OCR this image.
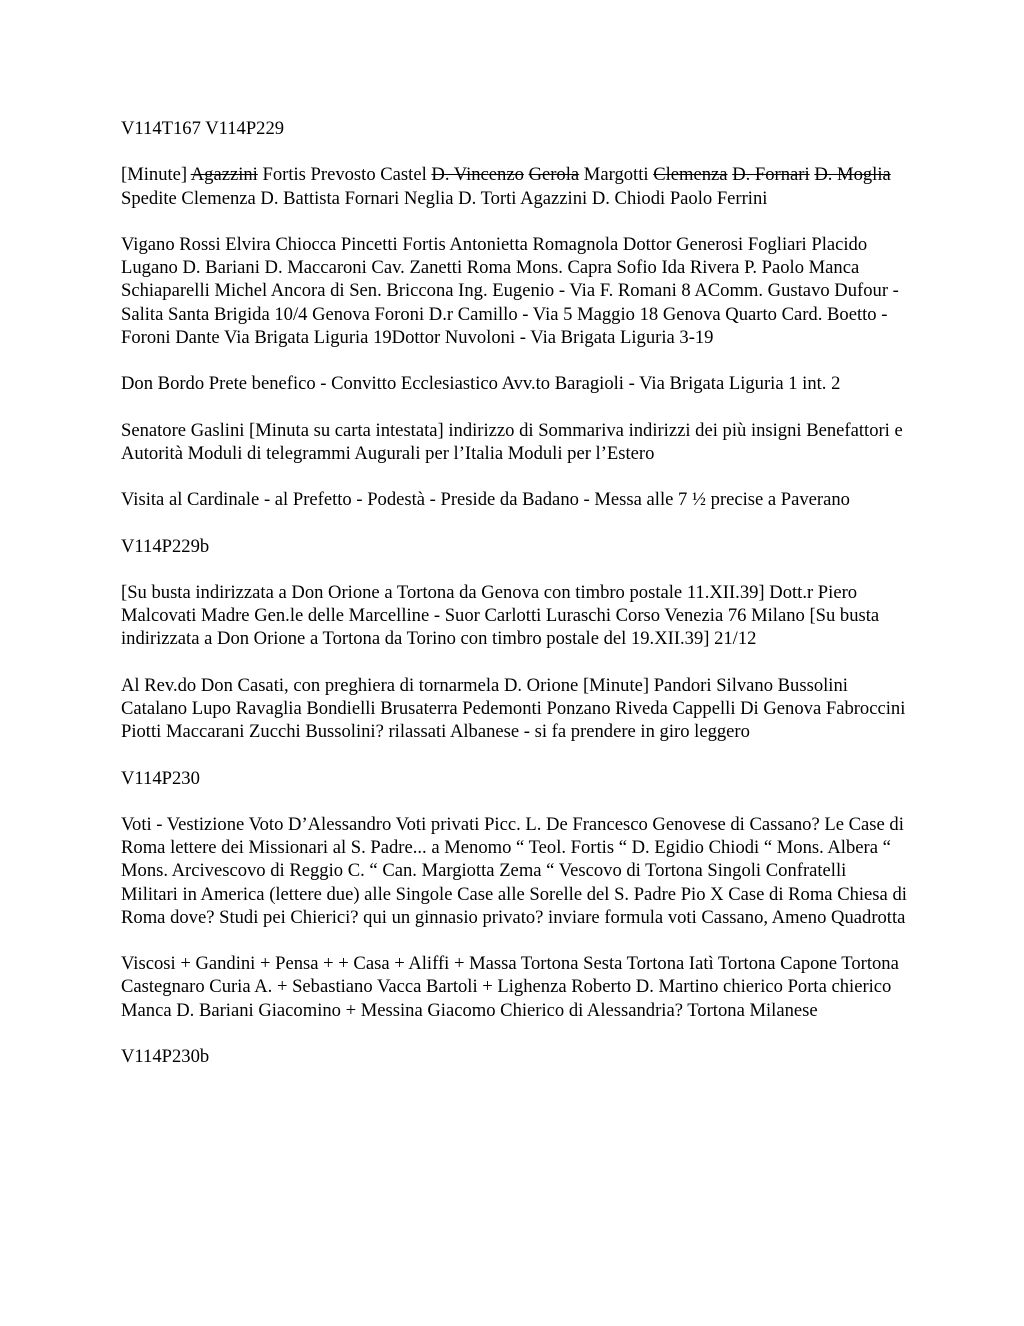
V114T167 V114P229

[Minute] Agazzini Fortis Prevosto Castel D. Vincenzo Gerola Margotti Clemenza D. Fornari D. Moglia Spedite Clemenza D. Battista Fornari Neglia D. Torti Agazzini D. Chiodi Paolo Ferrini

Vigano Rossi Elvira Chiocca Pincetti Fortis Antonietta Romagnola Dottor Generosi Fogliari Placido Lugano D. Bariani D. Maccaroni Cav. Zanetti Roma Mons. Capra Sofio Ida Rivera P. Paolo Manca Schiaparelli Michel Ancora di Sen. Briccona Ing. Eugenio - Via F. Romani 8 AComm. Gustavo Dufour - Salita Santa Brigida 10/4 Genova Foroni D.r Camillo - Via 5 Maggio 18 Genova Quarto Card. Boetto - Foroni Dante Via Brigata Liguria 19Dottor Nuvoloni - Via Brigata Liguria 3-19

Don Bordo Prete benefico - Convitto Ecclesiastico Avv.to Baragioli - Via Brigata Liguria 1 int. 2

Senatore Gaslini [Minuta su carta intestata] indirizzo di Sommariva indirizzi dei più insigni Benefattori e Autorità Moduli di telegrammi Augurali per l’Italia Moduli per l’Estero

Visita al Cardinale - al Prefetto - Podestà - Preside da Badano - Messa alle 7 ½ precise a Paverano

V114P229b

[Su busta indirizzata a Don Orione a Tortona da Genova con timbro postale 11.XII.39] Dott.r Piero Malcovati Madre Gen.le delle Marcelline - Suor Carlotti Luraschi Corso Venezia 76 Milano [Su busta indirizzata a Don Orione a Tortona da Torino con timbro postale del 19.XII.39] 21/12

Al Rev.do Don Casati, con preghiera di tornarmela D. Orione [Minute] Pandori Silvano Bussolini Catalano Lupo Ravaglia Bondielli Brusaterra Pedemonti Ponzano Riveda Cappelli Di Genova Fabroccini Piotti Maccarani Zucchi Bussolini? rilassati Albanese - si fa prendere in giro leggero

V114P230

Voti - Vestizione Voto D’Alessandro Voti privati Picc. L. De Francesco Genovese di Cassano? Le Case di Roma lettere dei Missionari al S. Padre... a Menomo “ Teol. Fortis “ D. Egidio Chiodi “ Mons. Albera “ Mons. Arcivescovo di Reggio C. “ Can. Margiotta Zema “ Vescovo di Tortona Singoli Confratelli Militari in America (lettere due) alle Singole Case alle Sorelle del S. Padre Pio X Case di Roma Chiesa di Roma dove? Studi pei Chierici? qui un ginnasio privato? inviare formula voti Cassano, Ameno Quadrotta

Viscosi + Gandini + Pensa + + Casa + Aliffi + Massa Tortona Sesta Tortona Iatì Tortona Capone Tortona Castegnaro Curia A. + Sebastiano Vacca Bartoli + Lighenza Roberto D. Martino chierico Porta chierico Manca D. Bariani Giacomino + Messina Giacomo Chierico di Alessandria? Tortona Milanese

V114P230b
